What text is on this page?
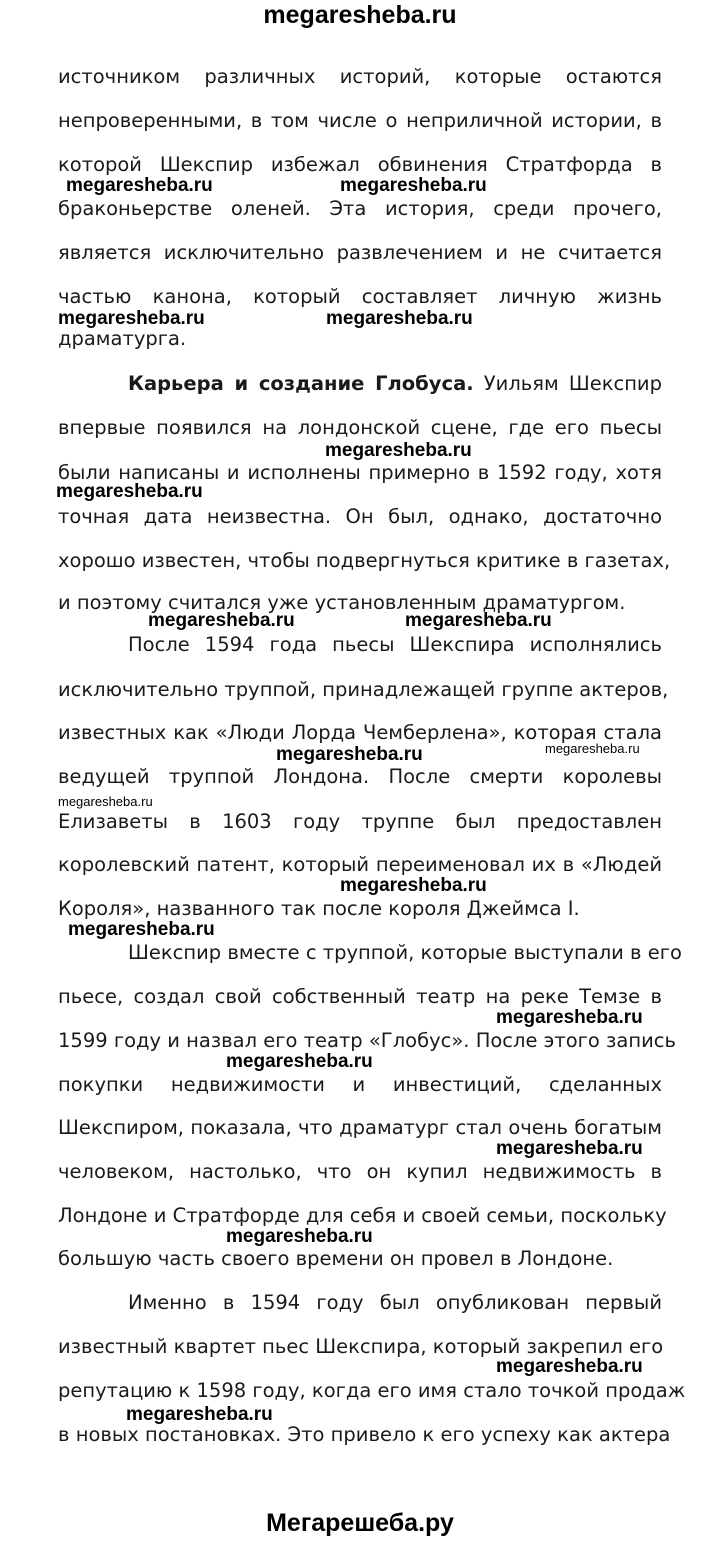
megaresheba.ru
источником различных историй, которые остаются
непроверенными, в том числе о неприличной истории, в
которой Шекспир избежал обвинения Стратфорда в
браконьерстве оленей. Эта история, среди прочего,
является исключительно развлечением и не считается
частью канона, который составляет личную жизнь
драматурга.
Карьера и создание Глобуса. Уильям Шекспир
впервые появился на лондонской сцене, где его пьесы
были написаны и исполнены примерно в 1592 году, хотя
точная дата неизвестна. Он был, однако, достаточно
хорошо известен, чтобы подвергнуться критике в газетах,
и поэтому считался уже установленным драматургом.
После 1594 года пьесы Шекспира исполнялись
исключительно труппой, принадлежащей группе актеров,
известных как «Люди Лорда Чемберлена», которая стала
ведущей труппой Лондона. После смерти королевы
Елизаветы в 1603 году труппе был предоставлен
королевский патент, который переименовал их в «Людей
Короля», названного так после короля Джеймса I.
Шекспир вместе с труппой, которые выступали в его
пьесе, создал свой собственный театр на реке Темзе в
1599 году и назвал его театр «Глобус». После этого запись
покупки недвижимости и инвестиций, сделанных
Шекспиром, показала, что драматург стал очень богатым
человеком, настолько, что он купил недвижимость в
Лондоне и Стратфорде для себя и своей семьи, поскольку
большую часть своего времени он провел в Лондоне.
Именно в 1594 году был опубликован первый
известный квартет пьес Шекспира, который закрепил его
репутацию к 1598 году, когда его имя стало точкой продаж
в новых постановках. Это привело к его успеху как актера
megaresheba.ru	megaresheba.ru
megaresheba.ru	megaresheba.ru
megaresheba.ru
megaresheba.ru
megaresheba.ru	megaresheba.ru
megaresheba.ru	megaresheba.ru
megaresheba.ru
megaresheba.ru
megaresheba.ru
megaresheba.ru
megaresheba.ru
megaresheba.ru
megaresheba.ru
megaresheba.ru
megaresheba.ru
Мегарешеба.ру
